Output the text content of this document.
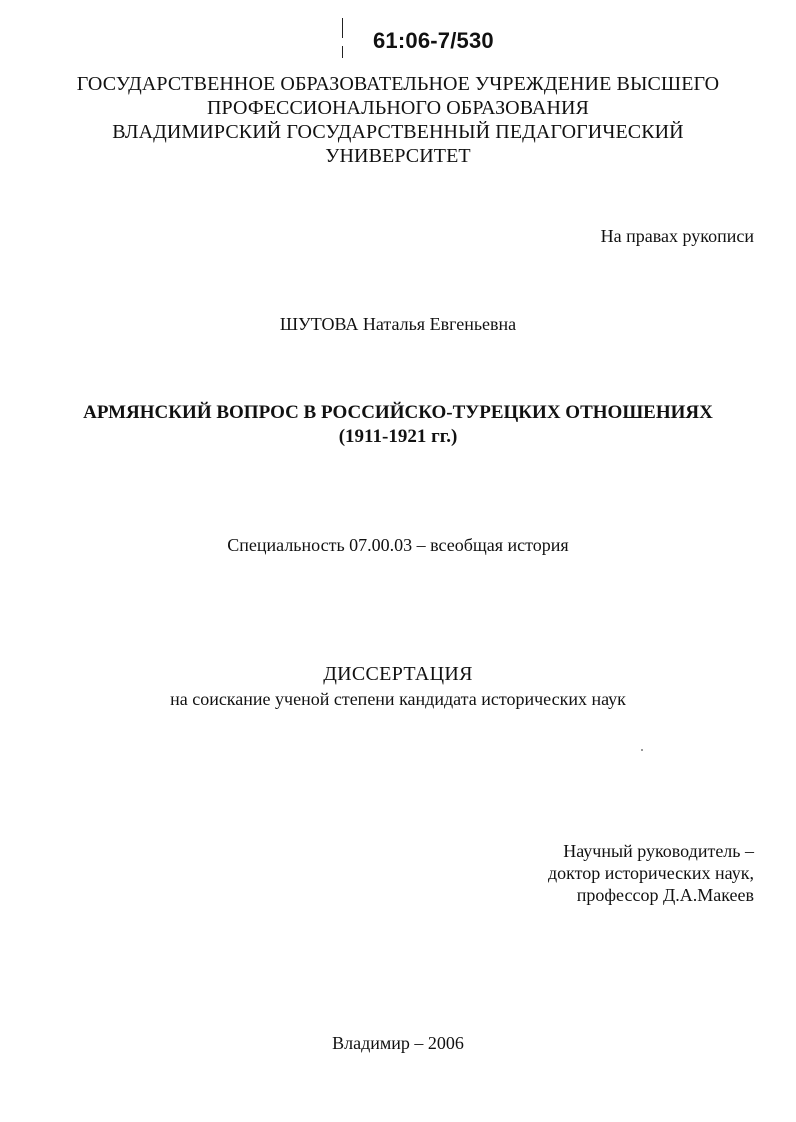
61:06-7/530
ГОСУДАРСТВЕННОЕ ОБРАЗОВАТЕЛЬНОЕ УЧРЕЖДЕНИЕ ВЫСШЕГО
ПРОФЕССИОНАЛЬНОГО ОБРАЗОВАНИЯ
ВЛАДИМИРСКИЙ ГОСУДАРСТВЕННЫЙ ПЕДАГОГИЧЕСКИЙ
УНИВЕРСИТЕТ
На правах рукописи
ШУТОВА Наталья Евгеньевна
АРМЯНСКИЙ ВОПРОС В РОССИЙСКО-ТУРЕЦКИХ ОТНОШЕНИЯХ
(1911-1921 гг.)
Специальность 07.00.03 – всеобщая история
ДИССЕРТАЦИЯ
на соискание ученой степени кандидата исторических наук
Научный руководитель –
доктор исторических наук,
профессор Д.А.Макеев
Владимир – 2006
